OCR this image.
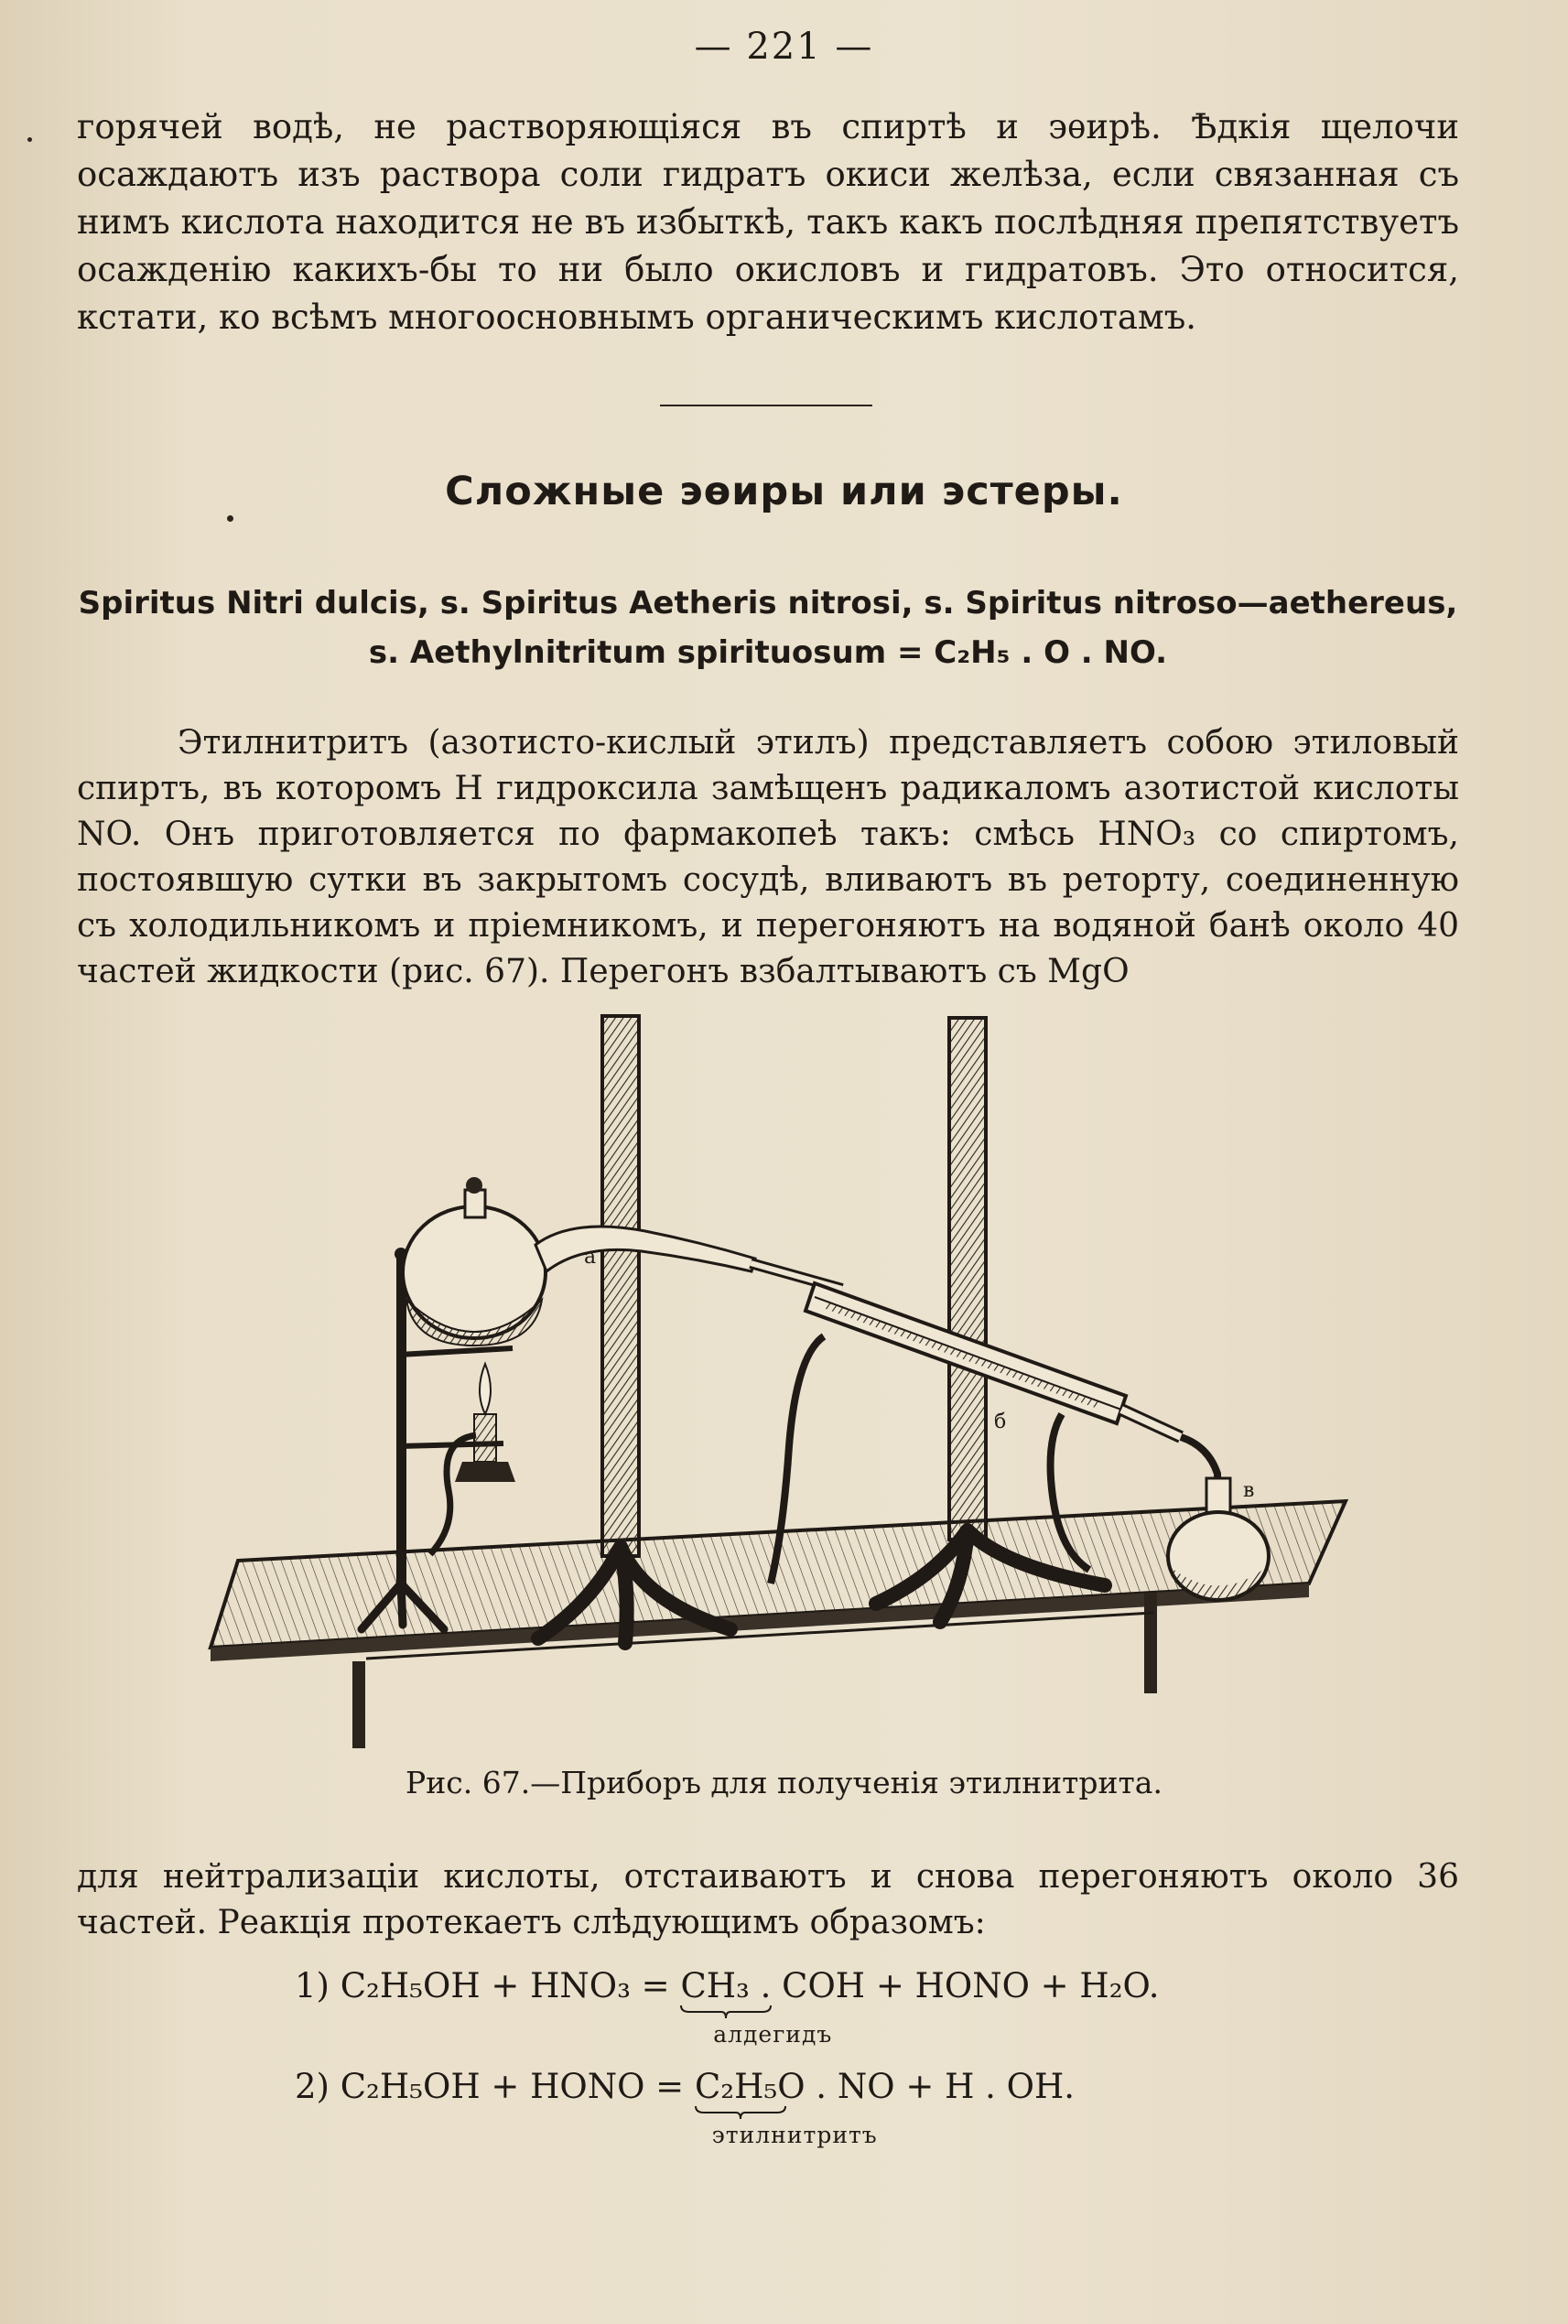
— 221 —
горячей водѣ, не растворяющiяся въ спиртѣ и эѳирѣ. Ѣдкiя щелочи осаждаютъ изъ раствора соли гидратъ окиси желѣза, если связанная съ нимъ кислота находится не въ избыткѣ, такъ какъ послѣдняя препятствуетъ осажденiю какихъ-бы то ни было окисловъ и гидратовъ. Это относится, кстати, ко всѣмъ многоосновнымъ органическимъ кислотамъ.
Сложные эѳиры или эстеры.
Spiritus Nitri dulcis, s. Spiritus Aetheris nitrosi, s. Spiritus nitroso—aethereus, s. Aethylnitritum spirituosum = C₂H₅ . O . NO.
Этилнитритъ (азотисто-кислый этилъ) представляетъ собою этиловый спиртъ, въ которомъ H гидроксила замѣщенъ радикаломъ азотистой кислоты NO. Онъ приготовляется по фармакопеѣ такъ: смѣсь HNO₃ со спиртомъ, постоявшую сутки въ закрытомъ сосудѣ, вливаютъ въ реторту, соединенную съ холодильникомъ и прiемникомъ, и перегоняютъ на водяной банѣ около 40 частей жидкости (рис. 67). Перегонъ взбалтываютъ съ MgO
a
б
в
Рис. 67.—Приборъ для полученiя этилнитрита.
для нейтрализацiи кислоты, отстаиваютъ и снова перегоняютъ около 36 частей. Реакцiя протекаетъ слѣдующимъ образомъ:
1) C₂H₅OH + HNO₃ = CH₃ . COH
алдегидъ
+ HONO + H₂O.
2) C₂H₅OH + HONO = C₂H₅O . NO
этилнитритъ
+ H . OH.
